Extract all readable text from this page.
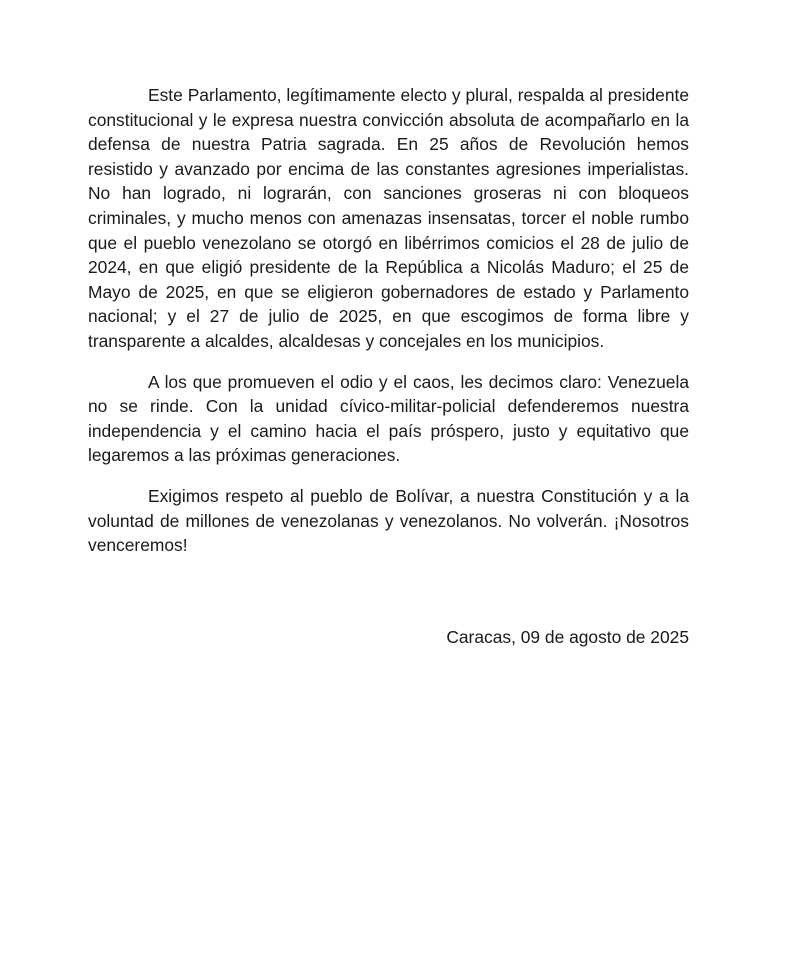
Este Parlamento, legítimamente electo y plural, respalda al presidente constitucional y le expresa nuestra convicción absoluta de acompañarlo en la defensa de nuestra Patria sagrada. En 25 años de Revolución hemos resistido y avanzado por encima de las constantes agresiones imperialistas. No han logrado, ni lograrán, con sanciones groseras ni con bloqueos criminales, y mucho menos con amenazas insensatas, torcer el noble rumbo que el pueblo venezolano se otorgó en libérrimos comicios el 28 de julio de 2024, en que eligió presidente de la República a Nicolás Maduro; el 25 de Mayo de 2025, en que se eligieron gobernadores de estado y Parlamento nacional; y el 27 de julio de 2025, en que escogimos de forma libre y transparente a alcaldes, alcaldesas y concejales en los municipios.

A los que promueven el odio y el caos, les decimos claro: Venezuela no se rinde. Con la unidad cívico-militar-policial defenderemos nuestra independencia y el camino hacia el país próspero, justo y equitativo que legaremos a las próximas generaciones.

Exigimos respeto al pueblo de Bolívar, a nuestra Constitución y a la voluntad de millones de venezolanas y venezolanos. No volverán. ¡Nosotros venceremos!

Caracas, 09 de agosto de 2025
